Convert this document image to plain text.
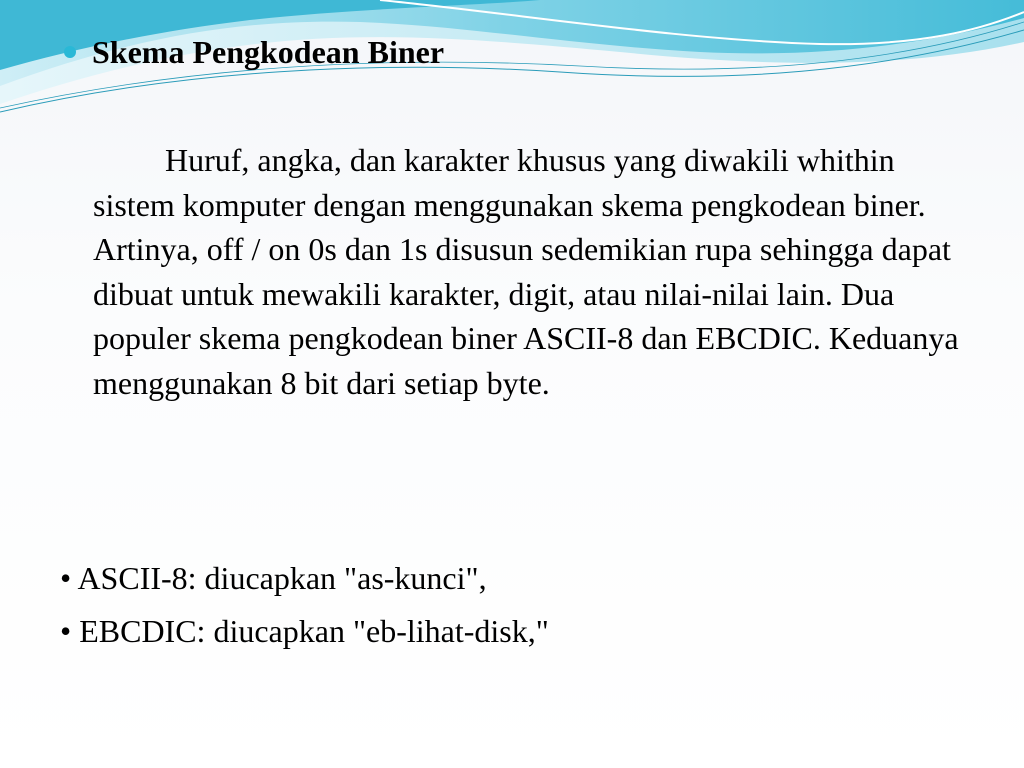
Skema Pengkodean Biner

Huruf, angka, dan karakter khusus yang diwakili whithin sistem komputer dengan menggunakan skema pengkodean biner. Artinya, off / on 0s dan 1s disusun sedemikian rupa sehingga dapat dibuat untuk mewakili karakter, digit, atau nilai-nilai lain. Dua populer skema pengkodean biner ASCII-8 dan EBCDIC. Keduanya menggunakan 8 bit dari setiap byte.

• ASCII-8: diucapkan "as-kunci",
• EBCDIC: diucapkan "eb-lihat-disk,"
